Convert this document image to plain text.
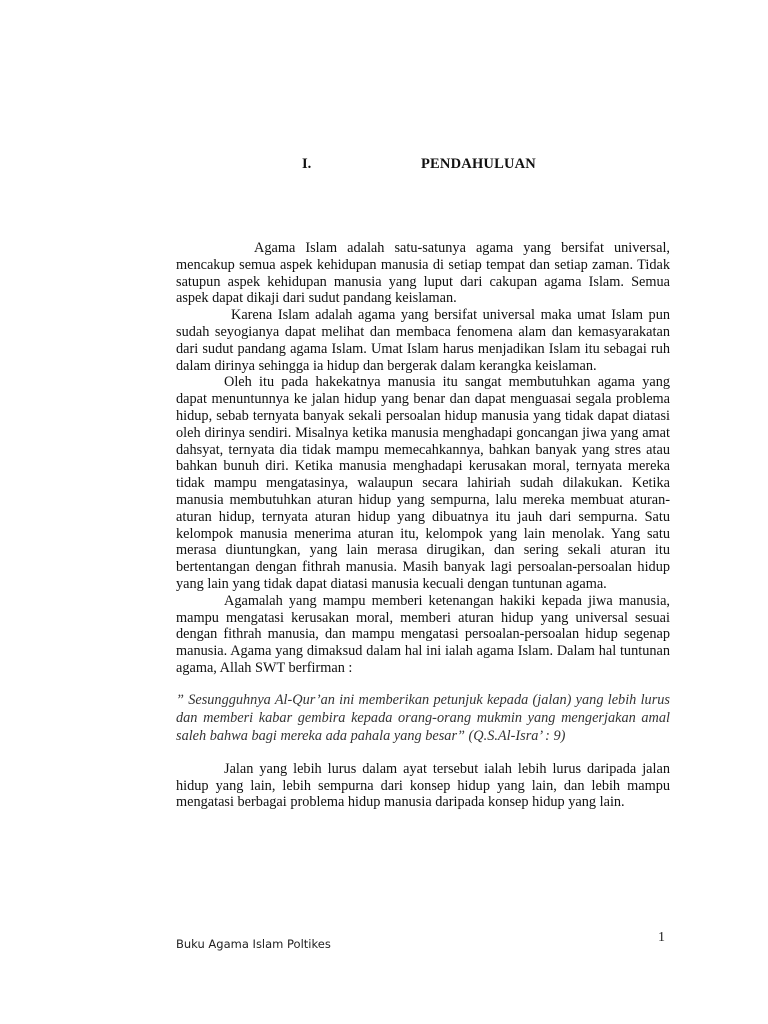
I.	PENDAHULUAN

Agama Islam adalah satu-satunya agama yang bersifat universal, mencakup semua aspek kehidupan manusia di setiap tempat dan setiap zaman. Tidak satupun aspek kehidupan manusia yang luput dari cakupan agama Islam. Semua aspek dapat dikaji dari sudut pandang keislaman.

Karena Islam adalah agama yang bersifat universal maka umat Islam pun sudah seyogianya dapat melihat dan membaca fenomena alam dan kemasyarakatan dari sudut pandang agama Islam. Umat Islam harus menjadikan Islam itu sebagai ruh dalam dirinya sehingga ia hidup dan bergerak dalam kerangka keislaman.

Oleh itu pada hakekatnya manusia itu sangat membutuhkan agama yang dapat menuntunnya ke jalan hidup yang benar dan dapat menguasai segala problema hidup, sebab ternyata banyak sekali persoalan hidup manusia yang tidak dapat diatasi oleh dirinya sendiri. Misalnya ketika manusia menghadapi goncangan jiwa yang amat dahsyat, ternyata dia tidak mampu memecahkannya, bahkan banyak yang stres atau bahkan bunuh diri. Ketika manusia menghadapi kerusakan moral, ternyata mereka tidak mampu mengatasinya, walaupun secara lahiriah sudah dilakukan. Ketika manusia membutuhkan aturan hidup yang sempurna, lalu mereka membuat aturan-aturan hidup, ternyata aturan hidup yang dibuatnya itu jauh dari sempurna. Satu kelompok manusia menerima aturan itu, kelompok yang lain menolak. Yang satu merasa diuntungkan, yang lain merasa dirugikan, dan sering sekali aturan itu bertentangan dengan fithrah manusia. Masih banyak lagi persoalan-persoalan hidup yang lain yang tidak dapat diatasi manusia kecuali dengan tuntunan agama.

Agamalah yang mampu memberi ketenangan hakiki kepada jiwa manusia, mampu mengatasi kerusakan moral, memberi aturan hidup yang universal sesuai dengan fithrah manusia, dan mampu mengatasi persoalan-persoalan hidup segenap manusia. Agama yang dimaksud dalam hal ini ialah agama Islam. Dalam hal tuntunan agama, Allah SWT berfirman :

” Sesungguhnya Al-Qur’an ini memberikan petunjuk kepada (jalan) yang lebih lurus dan memberi kabar gembira kepada orang-orang mukmin yang mengerjakan amal saleh bahwa bagi mereka ada pahala yang besar” (Q.S.Al-Isra’ : 9)

Jalan yang lebih lurus dalam ayat tersebut ialah lebih lurus daripada jalan hidup yang lain, lebih sempurna dari konsep hidup yang lain, dan lebih mampu mengatasi berbagai problema hidup manusia daripada konsep hidup yang lain.

Buku Agama Islam Poltikes	1
